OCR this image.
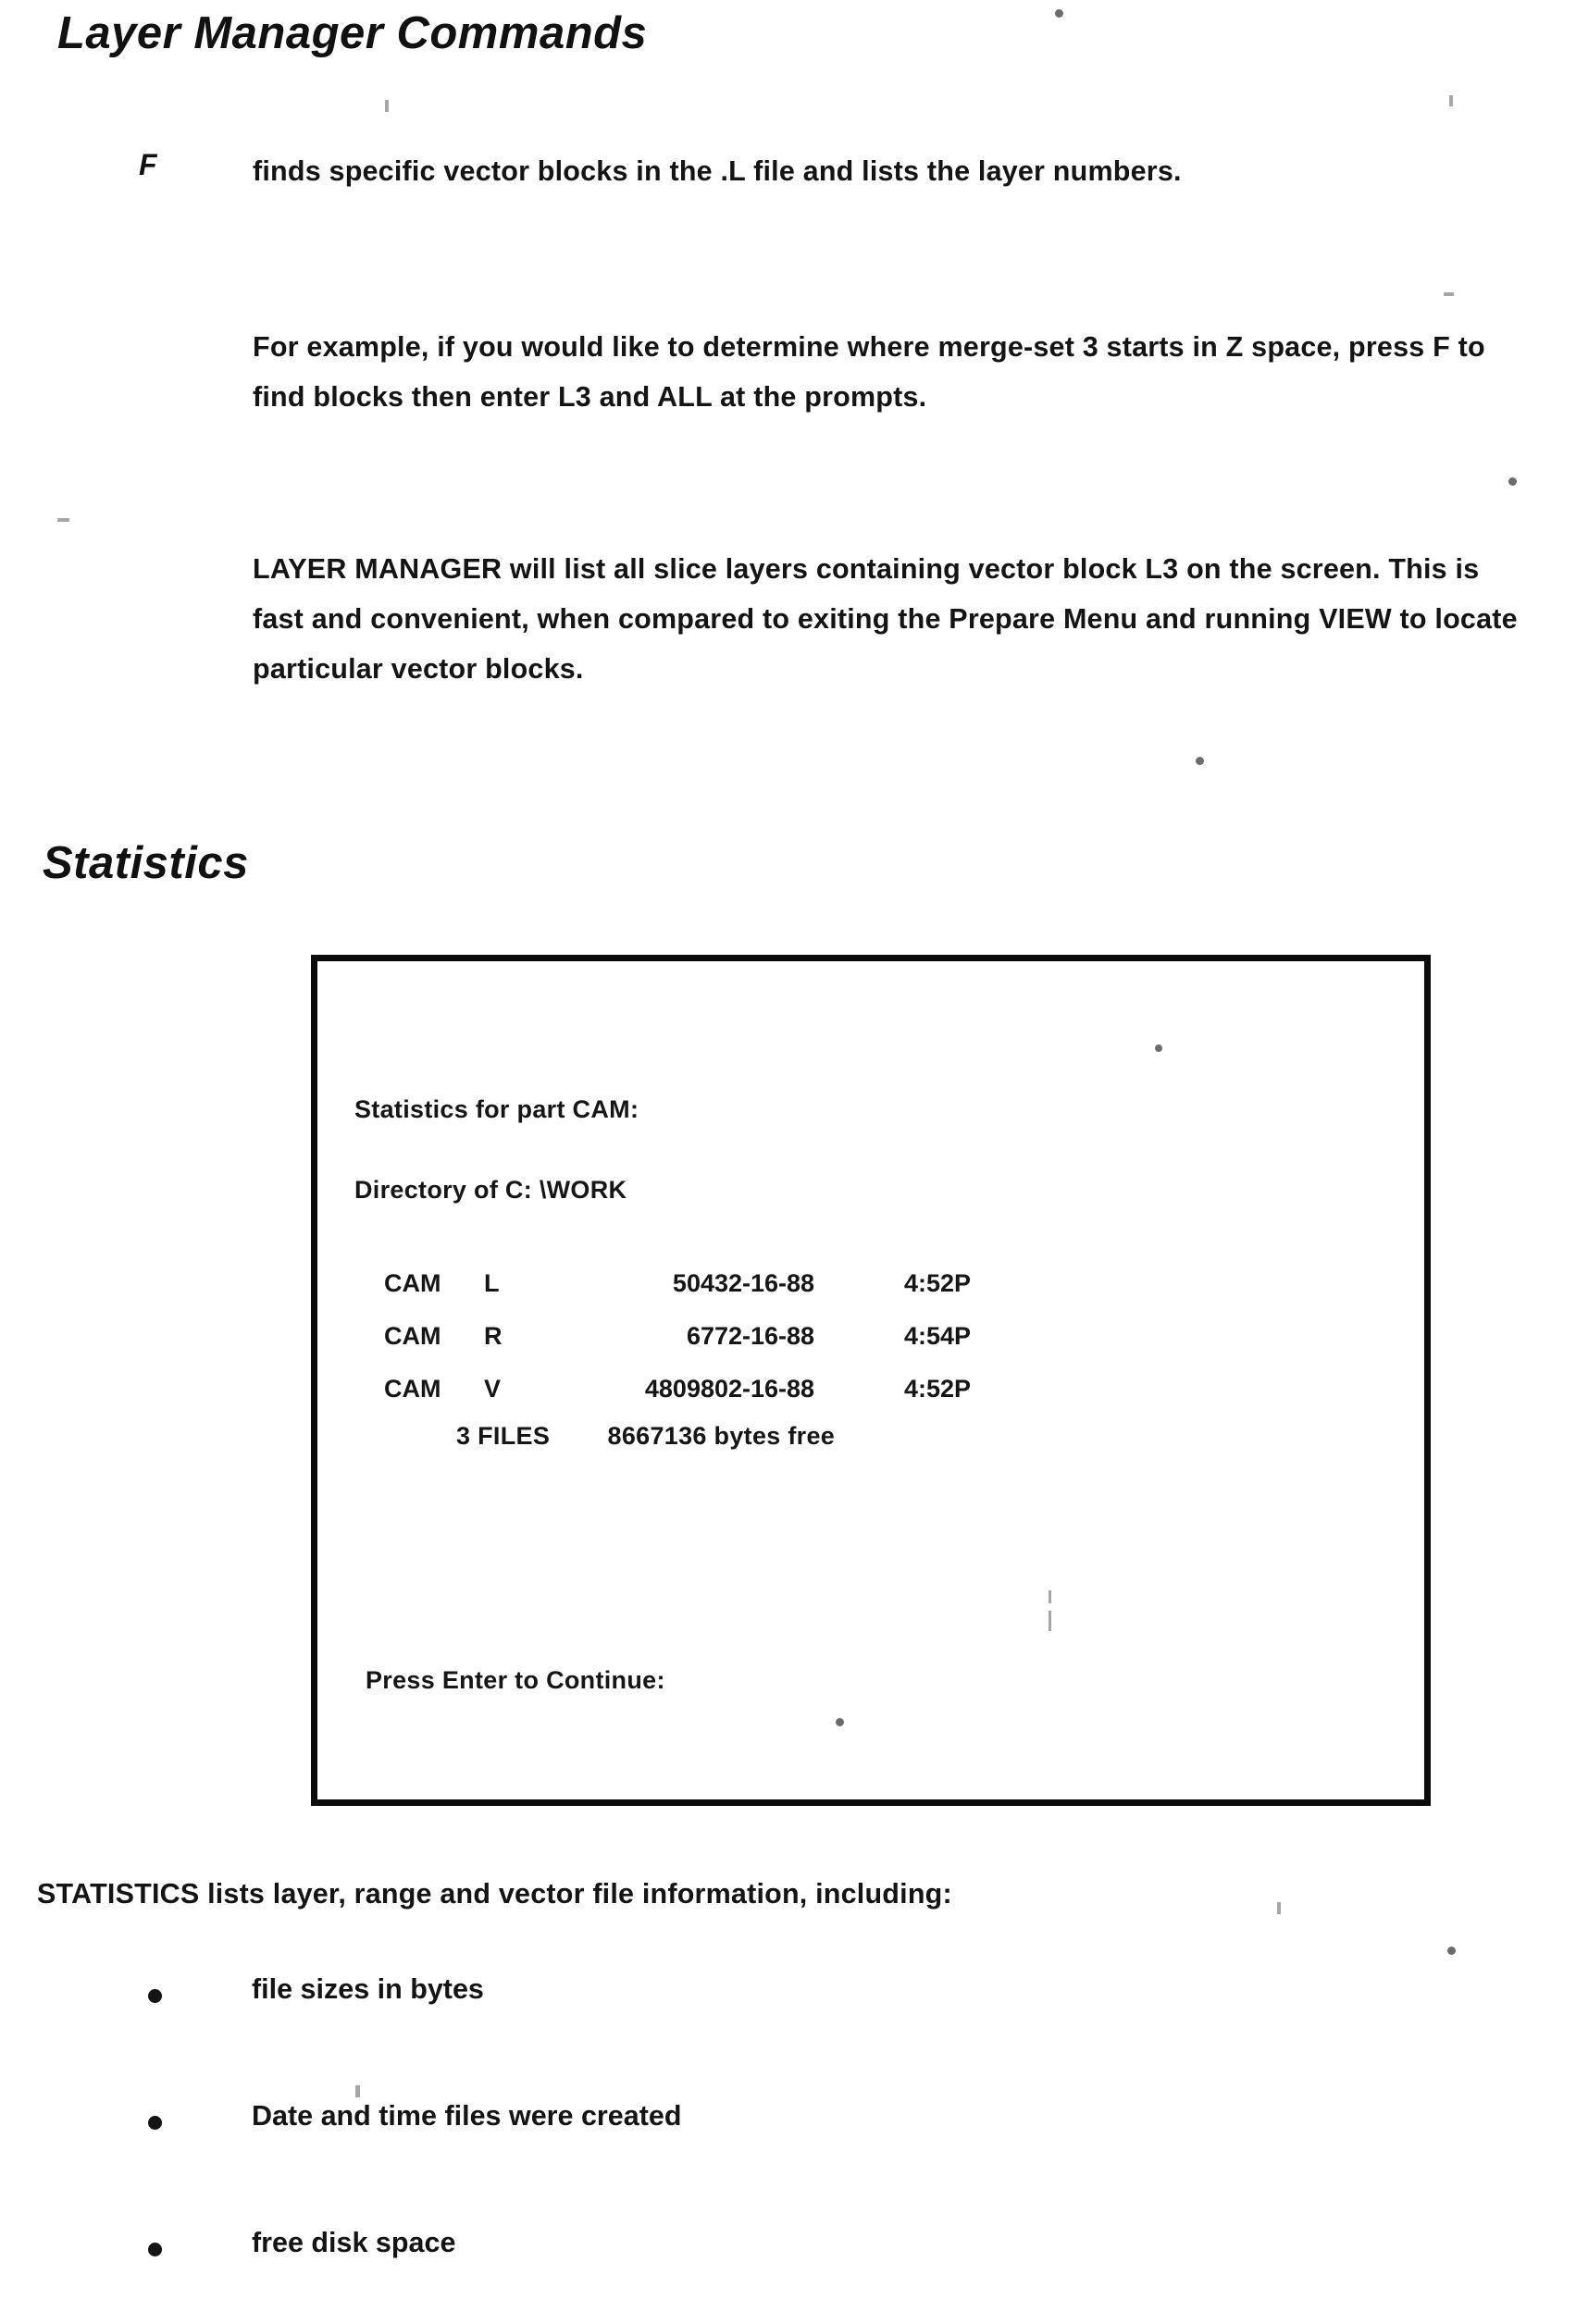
Layer Manager Commands
F	finds specific vector blocks in the .L file and lists the layer numbers.
For example, if you would like to determine where merge-set 3 starts in Z space, press F to find blocks then enter L3 and ALL at the prompts.
LAYER MANAGER will list all slice layers containing vector block L3 on the screen. This is fast and convenient, when compared to exiting the Prepare Menu and running VIEW to locate particular vector blocks.
Statistics
Statistics for part CAM:
Directory of C: \WORK
CAM	L	5043	2-16-88	4:52P
CAM	R	677	2-16-88	4:54P
CAM	V	480980	2-16-88	4:52P
3 FILES        8667136 bytes free
Press Enter to Continue:
STATISTICS lists layer, range and vector file information, including:
file sizes in bytes
Date and time files were created
free disk space
